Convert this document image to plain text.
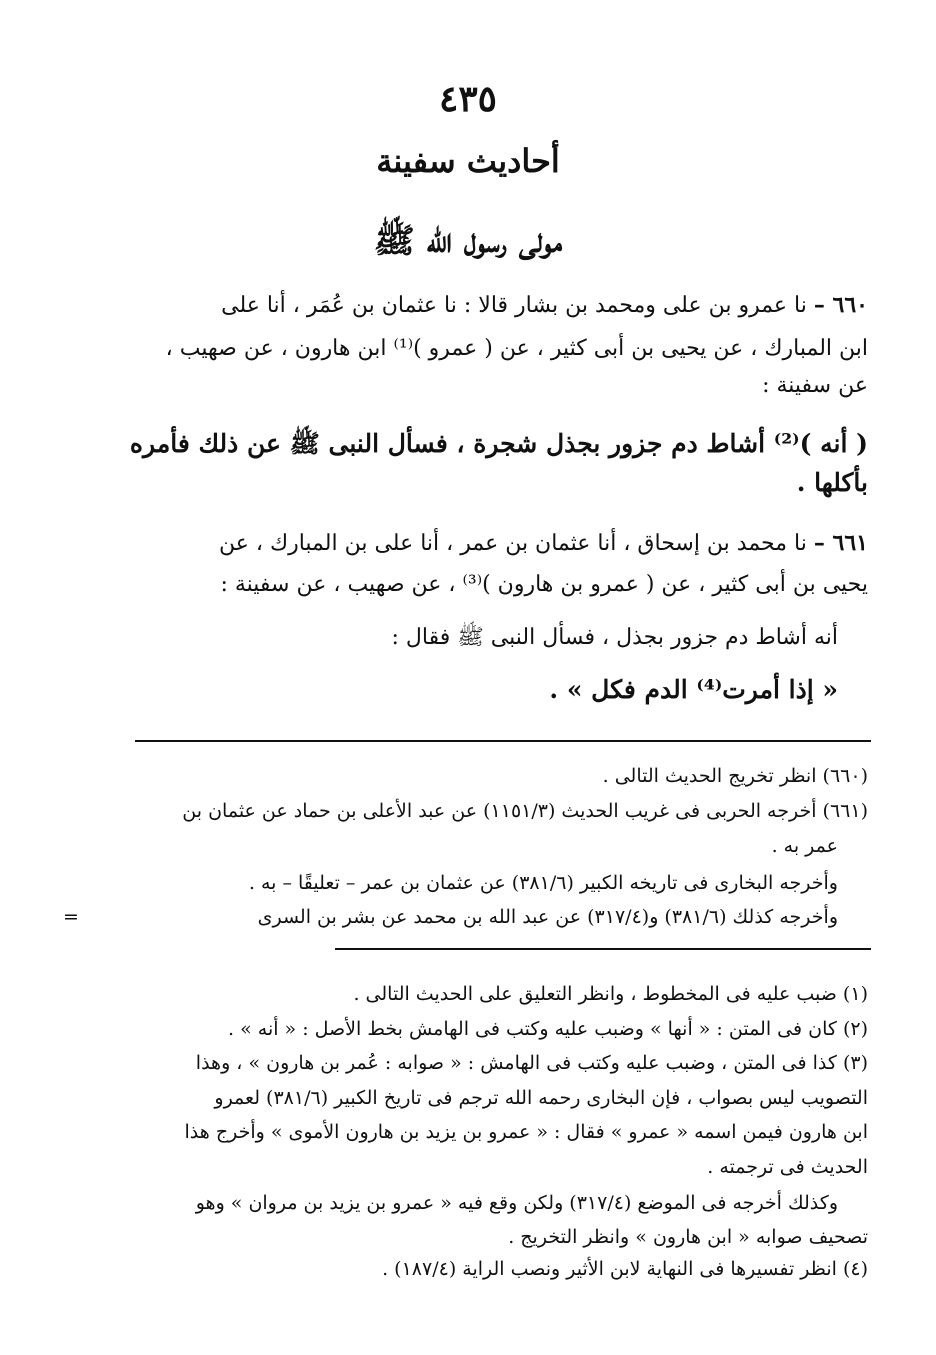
٤٣٥
أحاديث سفينة
مولى رسول الله ﷺ
٦٦٠ – نا عمرو بن على ومحمد بن بشار قالا : نا عثمان بن عُمَر ، أنا على
ابن المبارك ، عن يحيى بن أبى كثير ، عن ( عمرو )⁽¹⁾ ابن هارون ، عن صهيب ،
عن سفينة :
( أنه )⁽²⁾ أشاط دم جزور بجذل شجرة ، فسأل النبى ﷺ عن ذلك فأمره
بأكلها .
٦٦١ – نا محمد بن إسحاق ، أنا عثمان بن عمر ، أنا على بن المبارك ، عن
يحيى بن أبى كثير ، عن ( عمرو بن هارون )⁽³⁾ ، عن صهيب ، عن سفينة :
أنه أشاط دم جزور بجذل ، فسأل النبى ﷺ فقال :
« إذا أمرت⁽⁴⁾ الدم فكل » .
(٦٦٠) انظر تخريج الحديث التالى .
(٦٦١) أخرجه الحربى فى غريب الحديث (١١٥١/٣) عن عبد الأعلى بن حماد عن عثمان بن
عمر به .
وأخرجه البخارى فى تاريخه الكبير (٣٨١/٦) عن عثمان بن عمر – تعليقًا – به .
وأخرجه كذلك (٣٨١/٦) و(٣١٧/٤) عن عبد الله بن محمد عن بشر بن السرى
=
(١) ضبب عليه فى المخطوط ، وانظر التعليق على الحديث التالى .
(٢) كان فى المتن : « أنها » وضبب عليه وكتب فى الهامش بخط الأصل : « أنه » .
(٣) كذا فى المتن ، وضبب عليه وكتب فى الهامش : « صوابه : عُمر بن هارون » ، وهذا
التصويب ليس بصواب ، فإن البخارى رحمه الله ترجم فى تاريخ الكبير (٣٨١/٦) لعمرو
ابن هارون فيمن اسمه « عمرو » فقال : « عمرو بن يزيد بن هارون الأموى » وأخرج هذا
الحديث فى ترجمته .
وكذلك أخرجه فى الموضع (٣١٧/٤) ولكن وقع فيه « عمرو بن يزيد بن مروان » وهو
تصحيف صوابه « ابن هارون » وانظر التخريج .
(٤) انظر تفسيرها فى النهاية لابن الأثير ونصب الراية (١٨٧/٤) .
